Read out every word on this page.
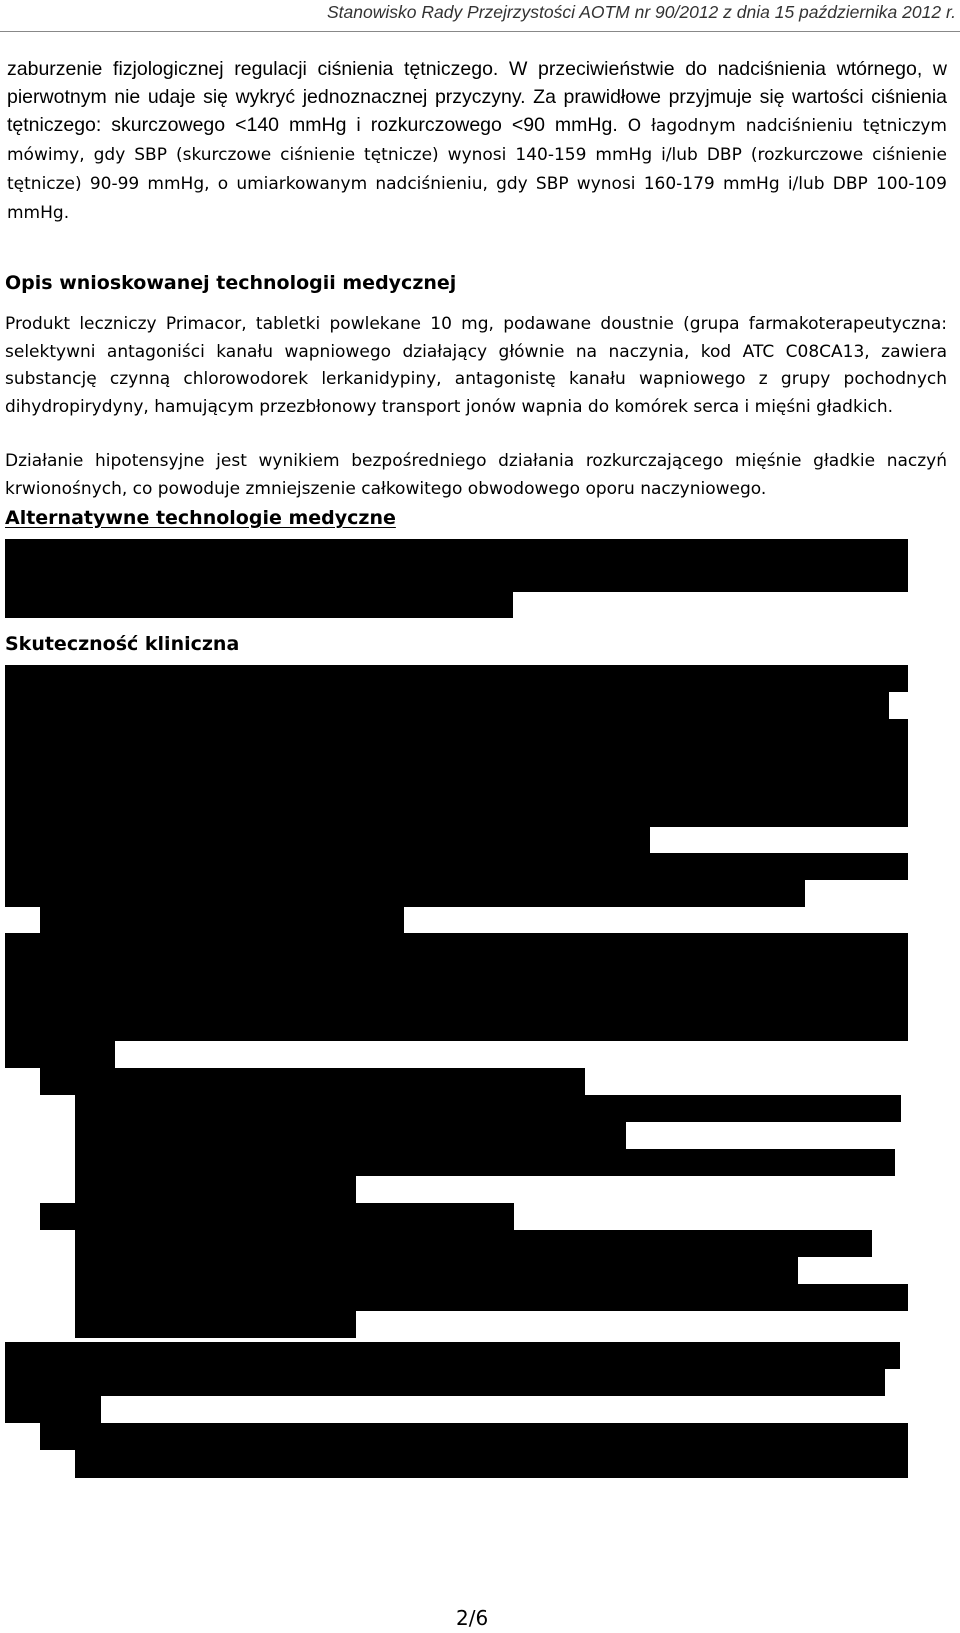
Stanowisko Rady Przejrzystości AOTM nr 90/2012 z dnia 15 października 2012 r.

zaburzenie fizjologicznej regulacji ciśnienia tętniczego. W przeciwieństwie do nadciśnienia wtórnego, w pierwotnym nie udaje się wykryć jednoznacznej przyczyny. Za prawidłowe przyjmuje się wartości ciśnienia tętniczego: skurczowego <140 mmHg i rozkurczowego <90 mmHg. O łagodnym nadciśnieniu tętniczym mówimy, gdy SBP (skurczowe ciśnienie tętnicze) wynosi 140-159 mmHg i/lub DBP (rozkurczowe ciśnienie tętnicze) 90-99 mmHg, o umiarkowanym nadciśnieniu, gdy SBP wynosi 160-179 mmHg i/lub DBP 100-109 mmHg.

Opis wnioskowanej technologii medycznej

Produkt leczniczy Primacor, tabletki powlekane 10 mg, podawane doustnie (grupa farmakoterapeutyczna: selektywni antagoniści kanału wapniowego działający głównie na naczynia, kod ATC C08CA13, zawiera substancję czynną chlorowodorek lerkanidypiny, antagonistę kanału wapniowego z grupy pochodnych dihydropirydyny, hamującym przezbłonowy transport jonów wapnia do komórek serca i mięśni gładkich.

Działanie hipotensyjne jest wynikiem bezpośredniego działania rozkurczającego mięśnie gładkie naczyń krwionośnych, co powoduje zmniejszenie całkowitego obwodowego oporu naczyniowego.

Alternatywne technologie medyczne
Skuteczność kliniczna
2/6
